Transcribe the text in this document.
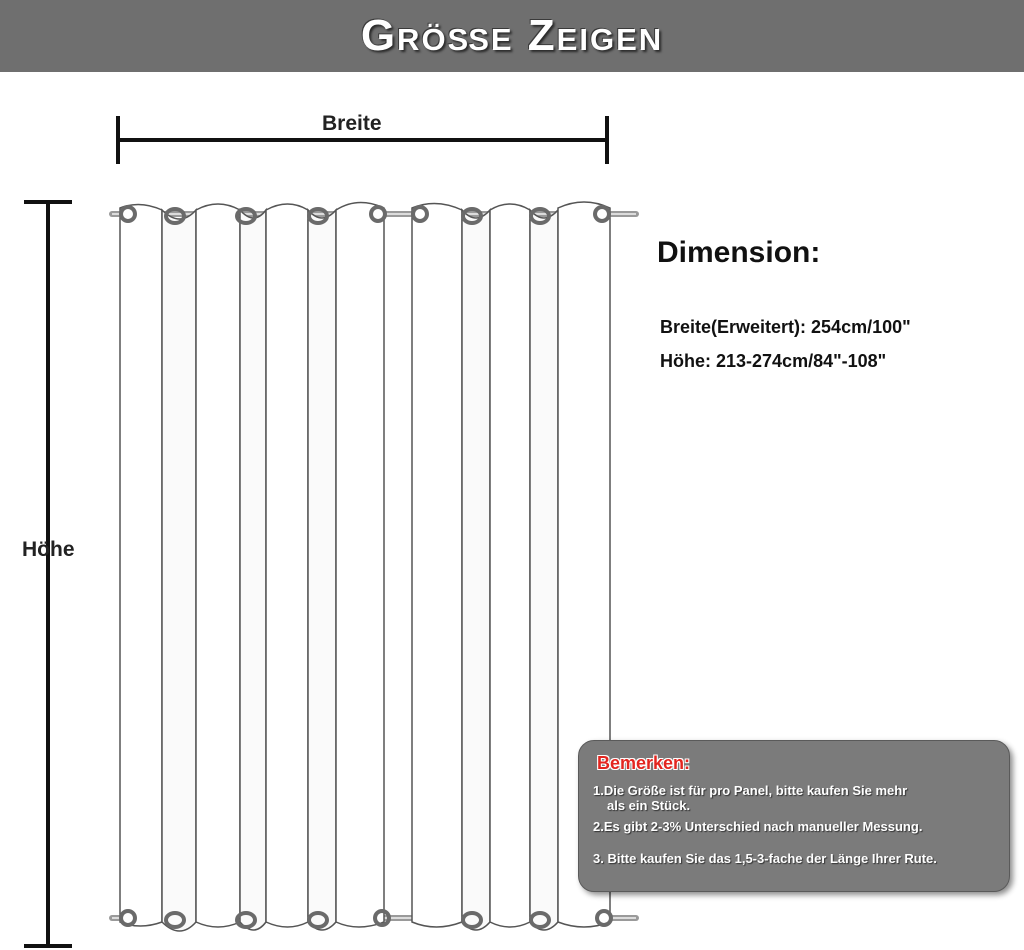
Größe Zeigen
Breite
Höhe
Dimension:
Breite(Erweitert): 254cm/100"
Höhe: 213-274cm/84"-108"
Bemerken:
1.Die Größe ist für pro Panel, bitte kaufen Sie mehr
als ein Stück.
2.Es gibt 2-3% Unterschied nach manueller Messung.
3. Bitte kaufen Sie das 1,5-3-fache der Länge Ihrer Rute.
